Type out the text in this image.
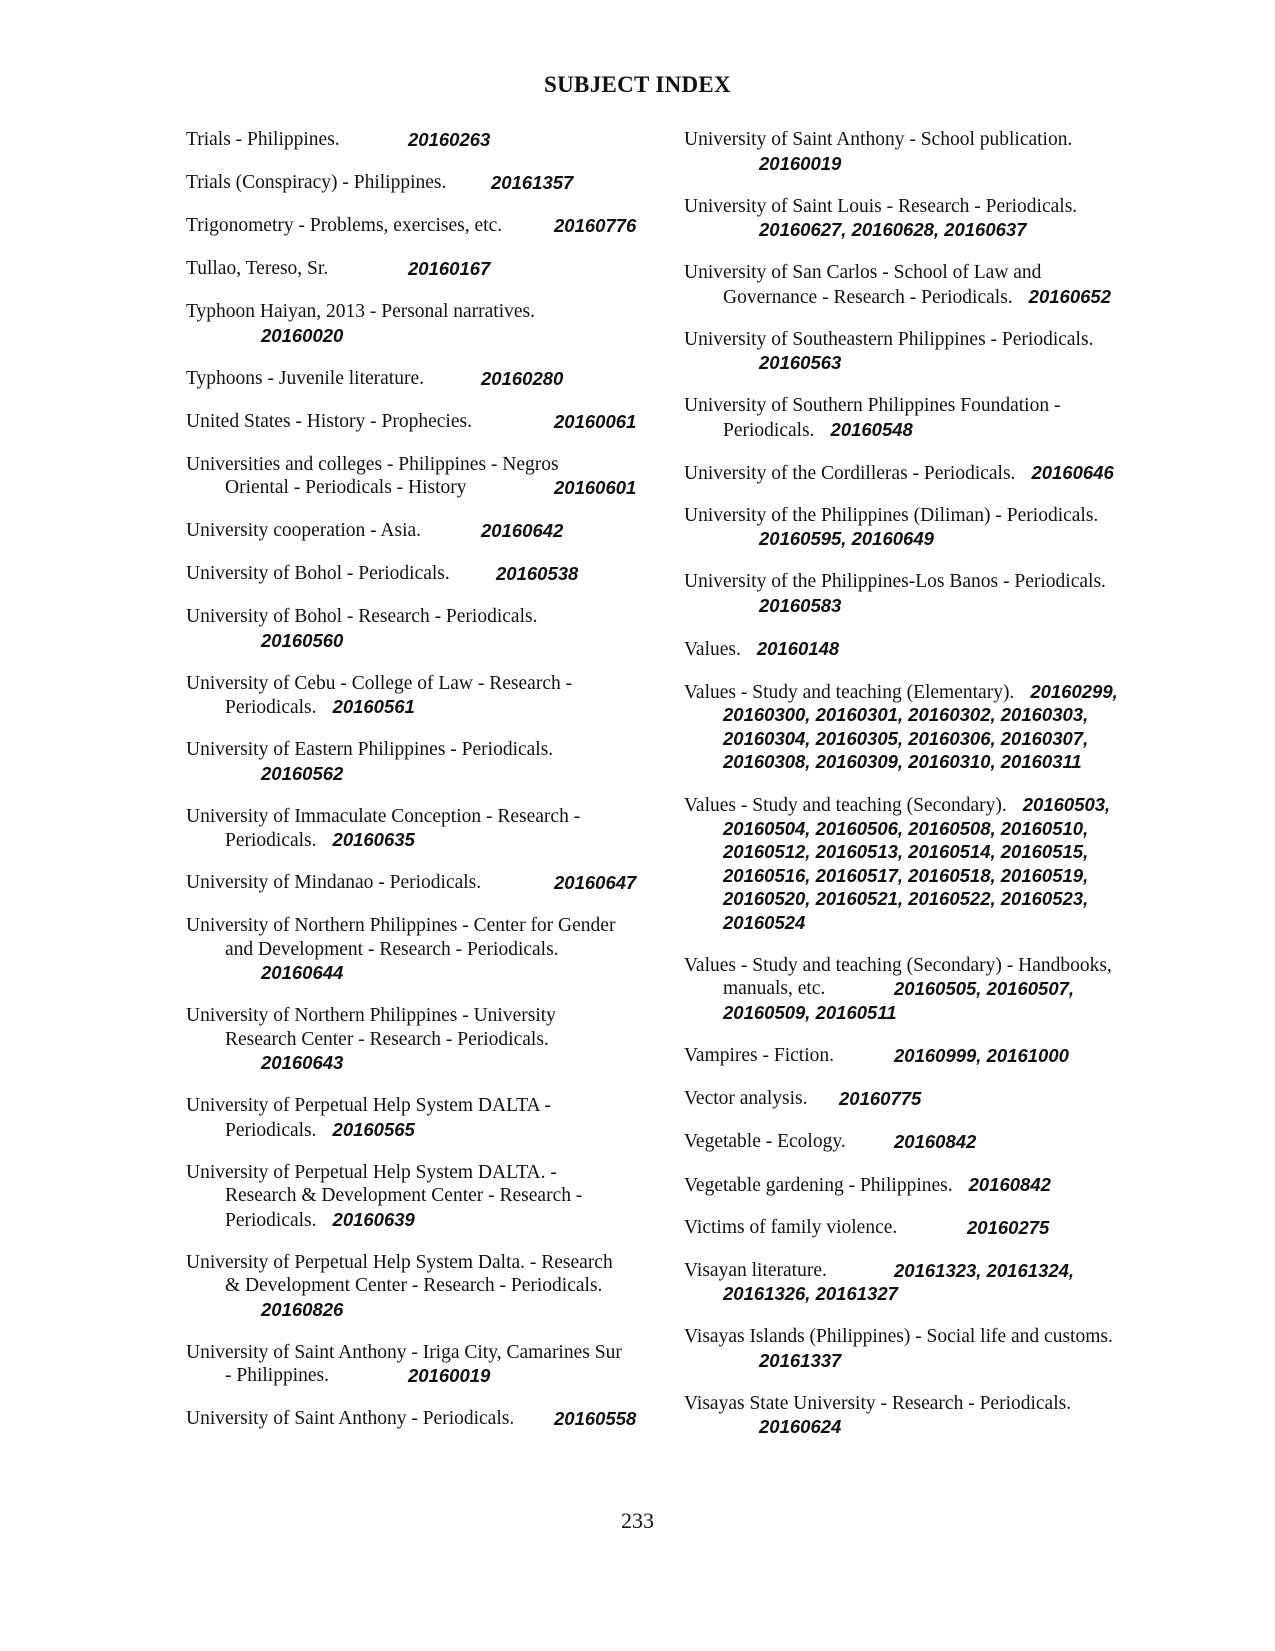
SUBJECT INDEX
Trials - Philippines.	20160263
Trials (Conspiracy) - Philippines. 20161357
Trigonometry - Problems, exercises, etc.	20160776
Tullao, Tereso, Sr.	20160167
Typhoon Haiyan, 2013 - Personal narratives.
20160020
Typhoons - Juvenile literature.	20160280
United States - History - Prophecies.	20160061
Universities and colleges - Philippines - Negros
Oriental - Periodicals - History	20160601
University cooperation - Asia.	20160642
University of Bohol - Periodicals. 20160538
University of Bohol - Research - Periodicals.
20160560
University of Cebu - College of Law - Research -
Periodicals. 20160561
University of Eastern Philippines - Periodicals.
20160562
University of Immaculate Conception - Research -
Periodicals. 20160635
University of Mindanao - Periodicals.	20160647
University of Northern Philippines - Center for Gender
and Development - Research - Periodicals.
20160644
University of Northern Philippines - University
Research Center - Research - Periodicals.
20160643
University of Perpetual Help System DALTA -
Periodicals. 20160565
University of Perpetual Help System DALTA. -
Research & Development Center - Research -
Periodicals. 20160639
University of Perpetual Help System Dalta. - Research
& Development Center - Research - Periodicals.
20160826
University of Saint Anthony - Iriga City, Camarines Sur
- Philippines.	20160019
University of Saint Anthony - Periodicals. 20160558
University of Saint Anthony - School publication.
20160019
University of Saint Louis - Research - Periodicals.
20160627, 20160628, 20160637
University of San Carlos - School of Law and
Governance - Research - Periodicals. 20160652
University of Southeastern Philippines - Periodicals.
20160563
University of Southern Philippines Foundation -
Periodicals. 20160548
University of the Cordilleras - Periodicals. 20160646
University of the Philippines (Diliman) - Periodicals.
20160595, 20160649
University of the Philippines-Los Banos - Periodicals.
20160583
Values. 20160148
Values - Study and teaching (Elementary). 20160299,
20160300, 20160301, 20160302, 20160303,
20160304, 20160305, 20160306, 20160307,
20160308, 20160309, 20160310, 20160311
Values - Study and teaching (Secondary). 20160503,
20160504, 20160506, 20160508, 20160510,
20160512, 20160513, 20160514, 20160515,
20160516, 20160517, 20160518, 20160519,
20160520, 20160521, 20160522, 20160523,
20160524
Values - Study and teaching (Secondary) - Handbooks,
manuals, etc.	20160505, 20160507,
20160509, 20160511
Vampires - Fiction.	20160999, 20161000
Vector analysis. 20160775
Vegetable - Ecology.	20160842
Vegetable gardening - Philippines. 20160842
Victims of family violence.	20160275
Visayan literature.	20161323, 20161324,
20161326, 20161327
Visayas Islands (Philippines) - Social life and customs.
20161337
Visayas State University - Research - Periodicals.
20160624
233
